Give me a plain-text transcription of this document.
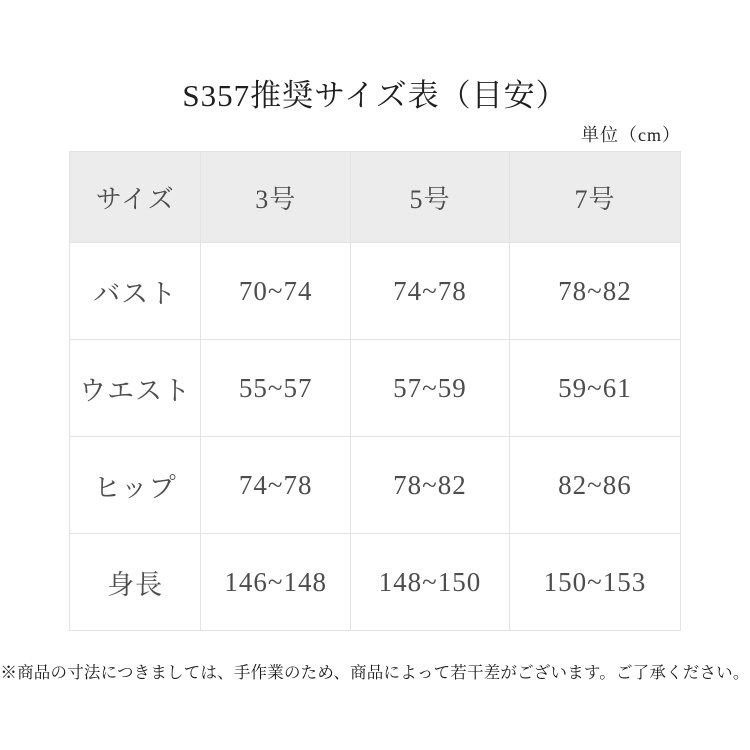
S357推奨サイズ表（目安）
単位（cm）
サイズ	3号	5号	7号
バスト	70~74	74~78	78~82
ウエスト	55~57	57~59	59~61
ヒップ	74~78	78~82	82~86
身長	146~148	148~150	150~153
※商品の寸法につきましては、手作業のため、商品によって若干差がございます。ご了承ください。
